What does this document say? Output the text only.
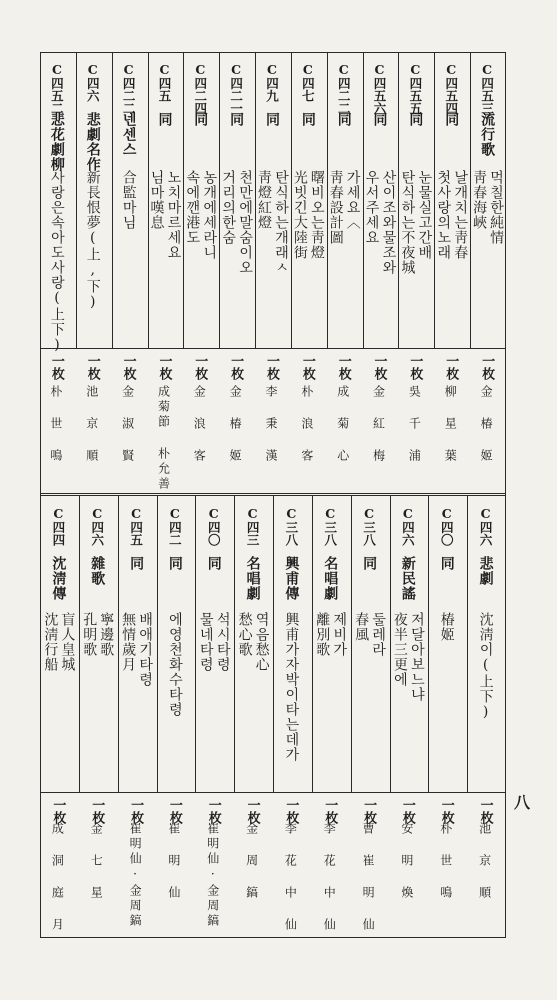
C四五三
流行歌
靑春海峽 먹칠한純情
一枚
金 椿 姬
C四五四
同
첫사랑의노래 날개치는靑春
一枚
柳 星 葉
C四五五
同
탄식하는不夜城 눈물실고간배
一枚
吳 千 浦
C四五六
同
우서주세요 산이조와물조와
一枚
金 紅 梅
C四二二
同
靑春設計圖 가세요〈
一枚
成 菊 心
C四七
同
光빗긴大陸街 曙비오는靑燈
一枚
朴 浪 客
C四九
同
靑燈紅燈 탄식하는개래ㅅ
一枚
李 秉 漢
C四二一
同
거리의한숨 천만에말숨이오
一枚
金 椿 姬
C四二四
同
속에깬港도 농개에세라니
一枚
金 浪 客
C四五
同
님마嘆息 노치마르세요
一枚
成菊節 朴允善
C四二二
넨센스
合監마님
一枚
金 淑 賢
C四六
悲劇名作
新長恨夢(上,下)
一枚
池 京 順
C四五二
悲花劇柳
사랑은속아도사랑(上下)
一枚
朴 世 鳴
C四六
悲劇
沈淸이(上下)
一枚
池 京 順
C四〇
同
椿姬
一枚
朴 世 鳴
C四六
新民謠
夜半三更에 저달아보느냐
一枚
安 明 煥
C三八
同
春風 둘레라
一枚
曹 崔 明 仙
C三八
名唱劇
離別歌 제비가
一枚
李 花 中 仙
C三八
興甫傳
興甫가자박이타는데가
一枚
李 花 中 仙
C四三
名唱劇
愁心歌 역음愁心
一枚
金 周 鎬
C四〇
同
물네타령 석시타령
一枚
崔明仙·金周鎬
C四二
同
에영천화수타령
一枚
崔 明 仙
C四五
同
無情歲月 배애기타령
一枚
崔明仙·金周鎬
C四六
雜歌
孔明歌 寧邊歌
一枚
金 七 星
C四四
沈淸傳
沈淸行船 盲人皇城
一枚
成 洞 庭 月
八
